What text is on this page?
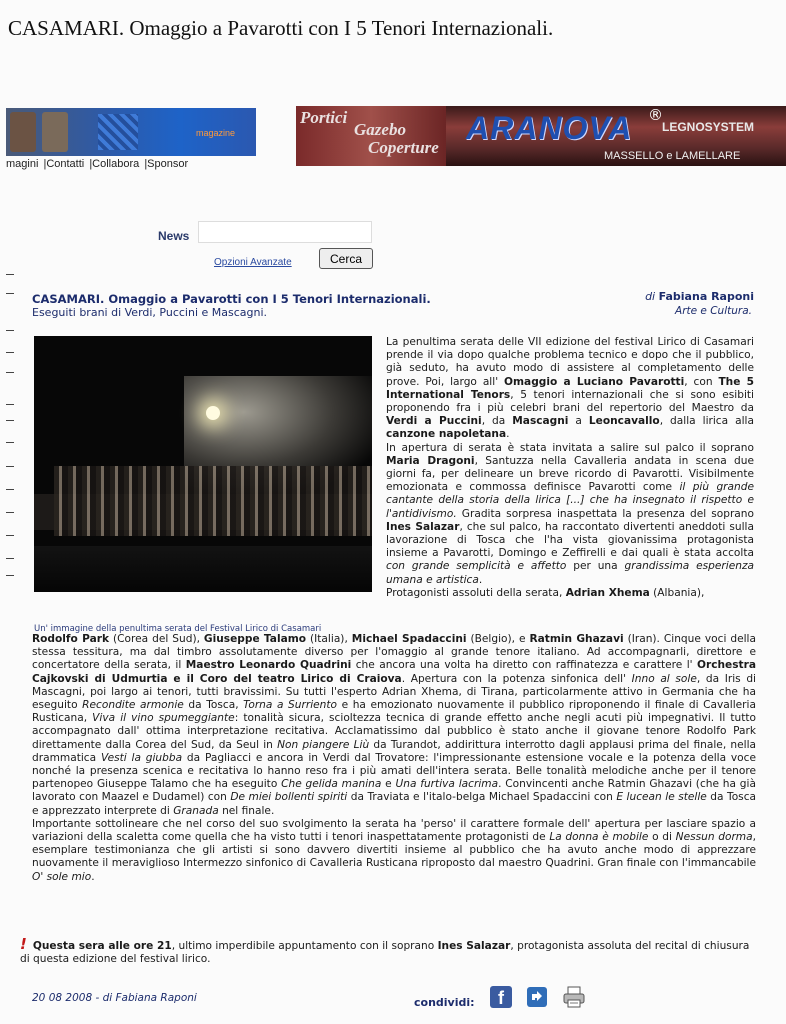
CASAMARI. Omaggio a Pavarotti con I 5 Tenori Internazionali.
magazine
Portici
Gazebo
Coperture
ARANOVA ®
LEGNOSYSTEM
MASSELLO e LAMELLARE
magini |Contatti |Collabora |Sponsor
News
Opzioni Avanzate	Cerca
CASAMARI. Omaggio a Pavarotti con I 5 Tenori Internazionali.
Eseguiti brani di Verdi, Puccini e Mascagni.
di Fabiana Raponi
Arte e Cultura.
Un' immagine della penultima serata del Festival Lirico di Casamari
La penultima serata delle VII edizione del festival Lirico di Casamari prende il via dopo qualche problema tecnico e dopo che il pubblico, già seduto, ha avuto modo di assistere al completamento delle prove. Poi, largo all' Omaggio a Luciano Pavarotti, con The 5 International Tenors, 5 tenori internazionali che si sono esibiti proponendo fra i più celebri brani del repertorio del Maestro da Verdi a Puccini, da Mascagni a Leoncavallo, dalla lirica alla canzone napoletana.
In apertura di serata è stata invitata a salire sul palco il soprano Maria Dragoni, Santuzza nella Cavalleria andata in scena due giorni fa, per delineare un breve ricordo di Pavarotti. Visibilmente emozionata e commossa definisce Pavarotti come il più grande cantante della storia della lirica [...] che ha insegnato il rispetto e l'antidivismo. Gradita sorpresa inaspettata la presenza del soprano Ines Salazar, che sul palco, ha raccontato divertenti aneddoti sulla lavorazione di Tosca che l'ha vista giovanissima protagonista insieme a Pavarotti, Domingo e Zeffirelli e dai quali è stata accolta con grande semplicità e affetto per una grandissima esperienza umana e artistica.
Protagonisti assoluti della serata, Adrian Xhema (Albania),
Rodolfo Park (Corea del Sud), Giuseppe Talamo (Italia), Michael Spadaccini (Belgio), e Ratmin Ghazavi (Iran). Cinque voci della stessa tessitura, ma dal timbro assolutamente diverso per l'omaggio al grande tenore italiano. Ad accompagnarli, direttore e concertatore della serata, il Maestro Leonardo Quadrini che ancora una volta ha diretto con raffinatezza e carattere l' Orchestra Cajkovski di Udmurtia e il Coro del teatro Lirico di Craiova. Apertura con la potenza sinfonica dell' Inno al sole, da Iris di Mascagni, poi largo ai tenori, tutti bravissimi. Su tutti l'esperto Adrian Xhema, di Tirana, particolarmente attivo in Germania che ha eseguito Recondite armonie da Tosca, Torna a Surriento e ha emozionato nuovamente il pubblico riproponendo il finale di Cavalleria Rusticana, Viva il vino spumeggiante: tonalità sicura, scioltezza tecnica di grande effetto anche negli acuti più impegnativi. Il tutto accompagnato dall' ottima interpretazione recitativa. Acclamatissimo dal pubblico è stato anche il giovane tenore Rodolfo Park direttamente dalla Corea del Sud, da Seul in Non piangere Liù da Turandot, addirittura interrotto dagli applausi prima del finale, nella drammatica Vesti la giubba da Pagliacci e ancora in Verdi dal Trovatore: l'impressionante estensione vocale e la potenza della voce nonché la presenza scenica e recitativa lo hanno reso fra i più amati dell'intera serata. Belle tonalità melodiche anche per il tenore partenopeo Giuseppe Talamo che ha eseguito Che gelida manina e Una furtiva lacrima. Convincenti anche Ratmin Ghazavi (che ha già lavorato con Maazel e Dudamel) con De miei bollenti spiriti da Traviata e l'italo-belga Michael Spadaccini con E lucean le stelle da Tosca e apprezzato interprete di Granada nel finale.
Importante sottolineare che nel corso del suo svolgimento la serata ha 'perso' il carattere formale dell' apertura per lasciare spazio a variazioni della scaletta come quella che ha visto tutti i tenori inaspettatamente protagonisti de La donna è mobile o di Nessun dorma, esemplare testimonianza che gli artisti si sono davvero divertiti insieme al pubblico che ha avuto anche modo di apprezzare nuovamente il meraviglioso Intermezzo sinfonico di Cavalleria Rusticana riproposto dal maestro Quadrini. Gran finale con l'immancabile O' sole mio.
! Questa sera alle ore 21, ultimo imperdibile appuntamento con il soprano Ines Salazar, protagonista assoluta del recital di chiusura di questa edizione del festival lirico.
20 08 2008 - di Fabiana Raponi	condividi:	f
